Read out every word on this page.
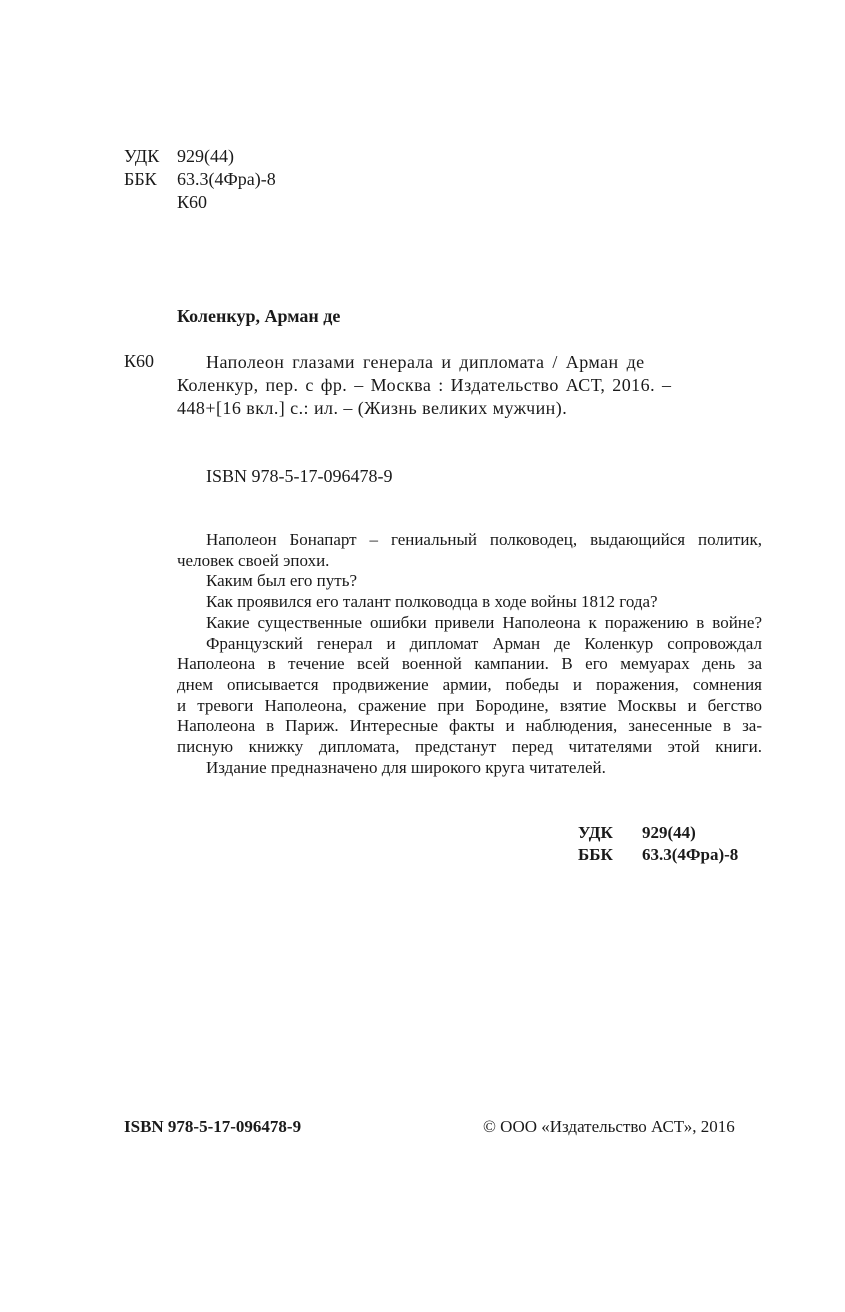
УДК 929(44)
ББК 63.3(4Фра)-8
К60
Коленкур, Арман де
К60	Наполеон глазами генерала и дипломата / Арман де
Коленкур, пер. с фр. – Москва : Издательство АСТ, 2016. –
448+[16 вкл.] с.: ил. – (Жизнь великих мужчин).
ISBN 978-5-17-096478-9
Наполеон Бонапарт – гениальный полководец, выдающийся политик,
человек своей эпохи.
Каким был его путь?
Как проявился его талант полководца в ходе войны 1812 года?
Какие существенные ошибки привели Наполеона к поражению в войне?
Французский генерал и дипломат Арман де Коленкур сопровождал
Наполеона в течение всей военной кампании. В его мемуарах день за
днем описывается продвижение армии, победы и поражения, сомнения
и тревоги Наполеона, сражение при Бородине, взятие Москвы и бегство
Наполеона в Париж. Интересные факты и наблюдения, занесенные в за-
писную книжку дипломата, предстанут перед читателями этой книги.
Издание предназначено для широкого круга читателей.
УДК 929(44)
ББК 63.3(4Фра)-8
ISBN 978-5-17-096478-9	© ООО «Издательство АСТ», 2016
